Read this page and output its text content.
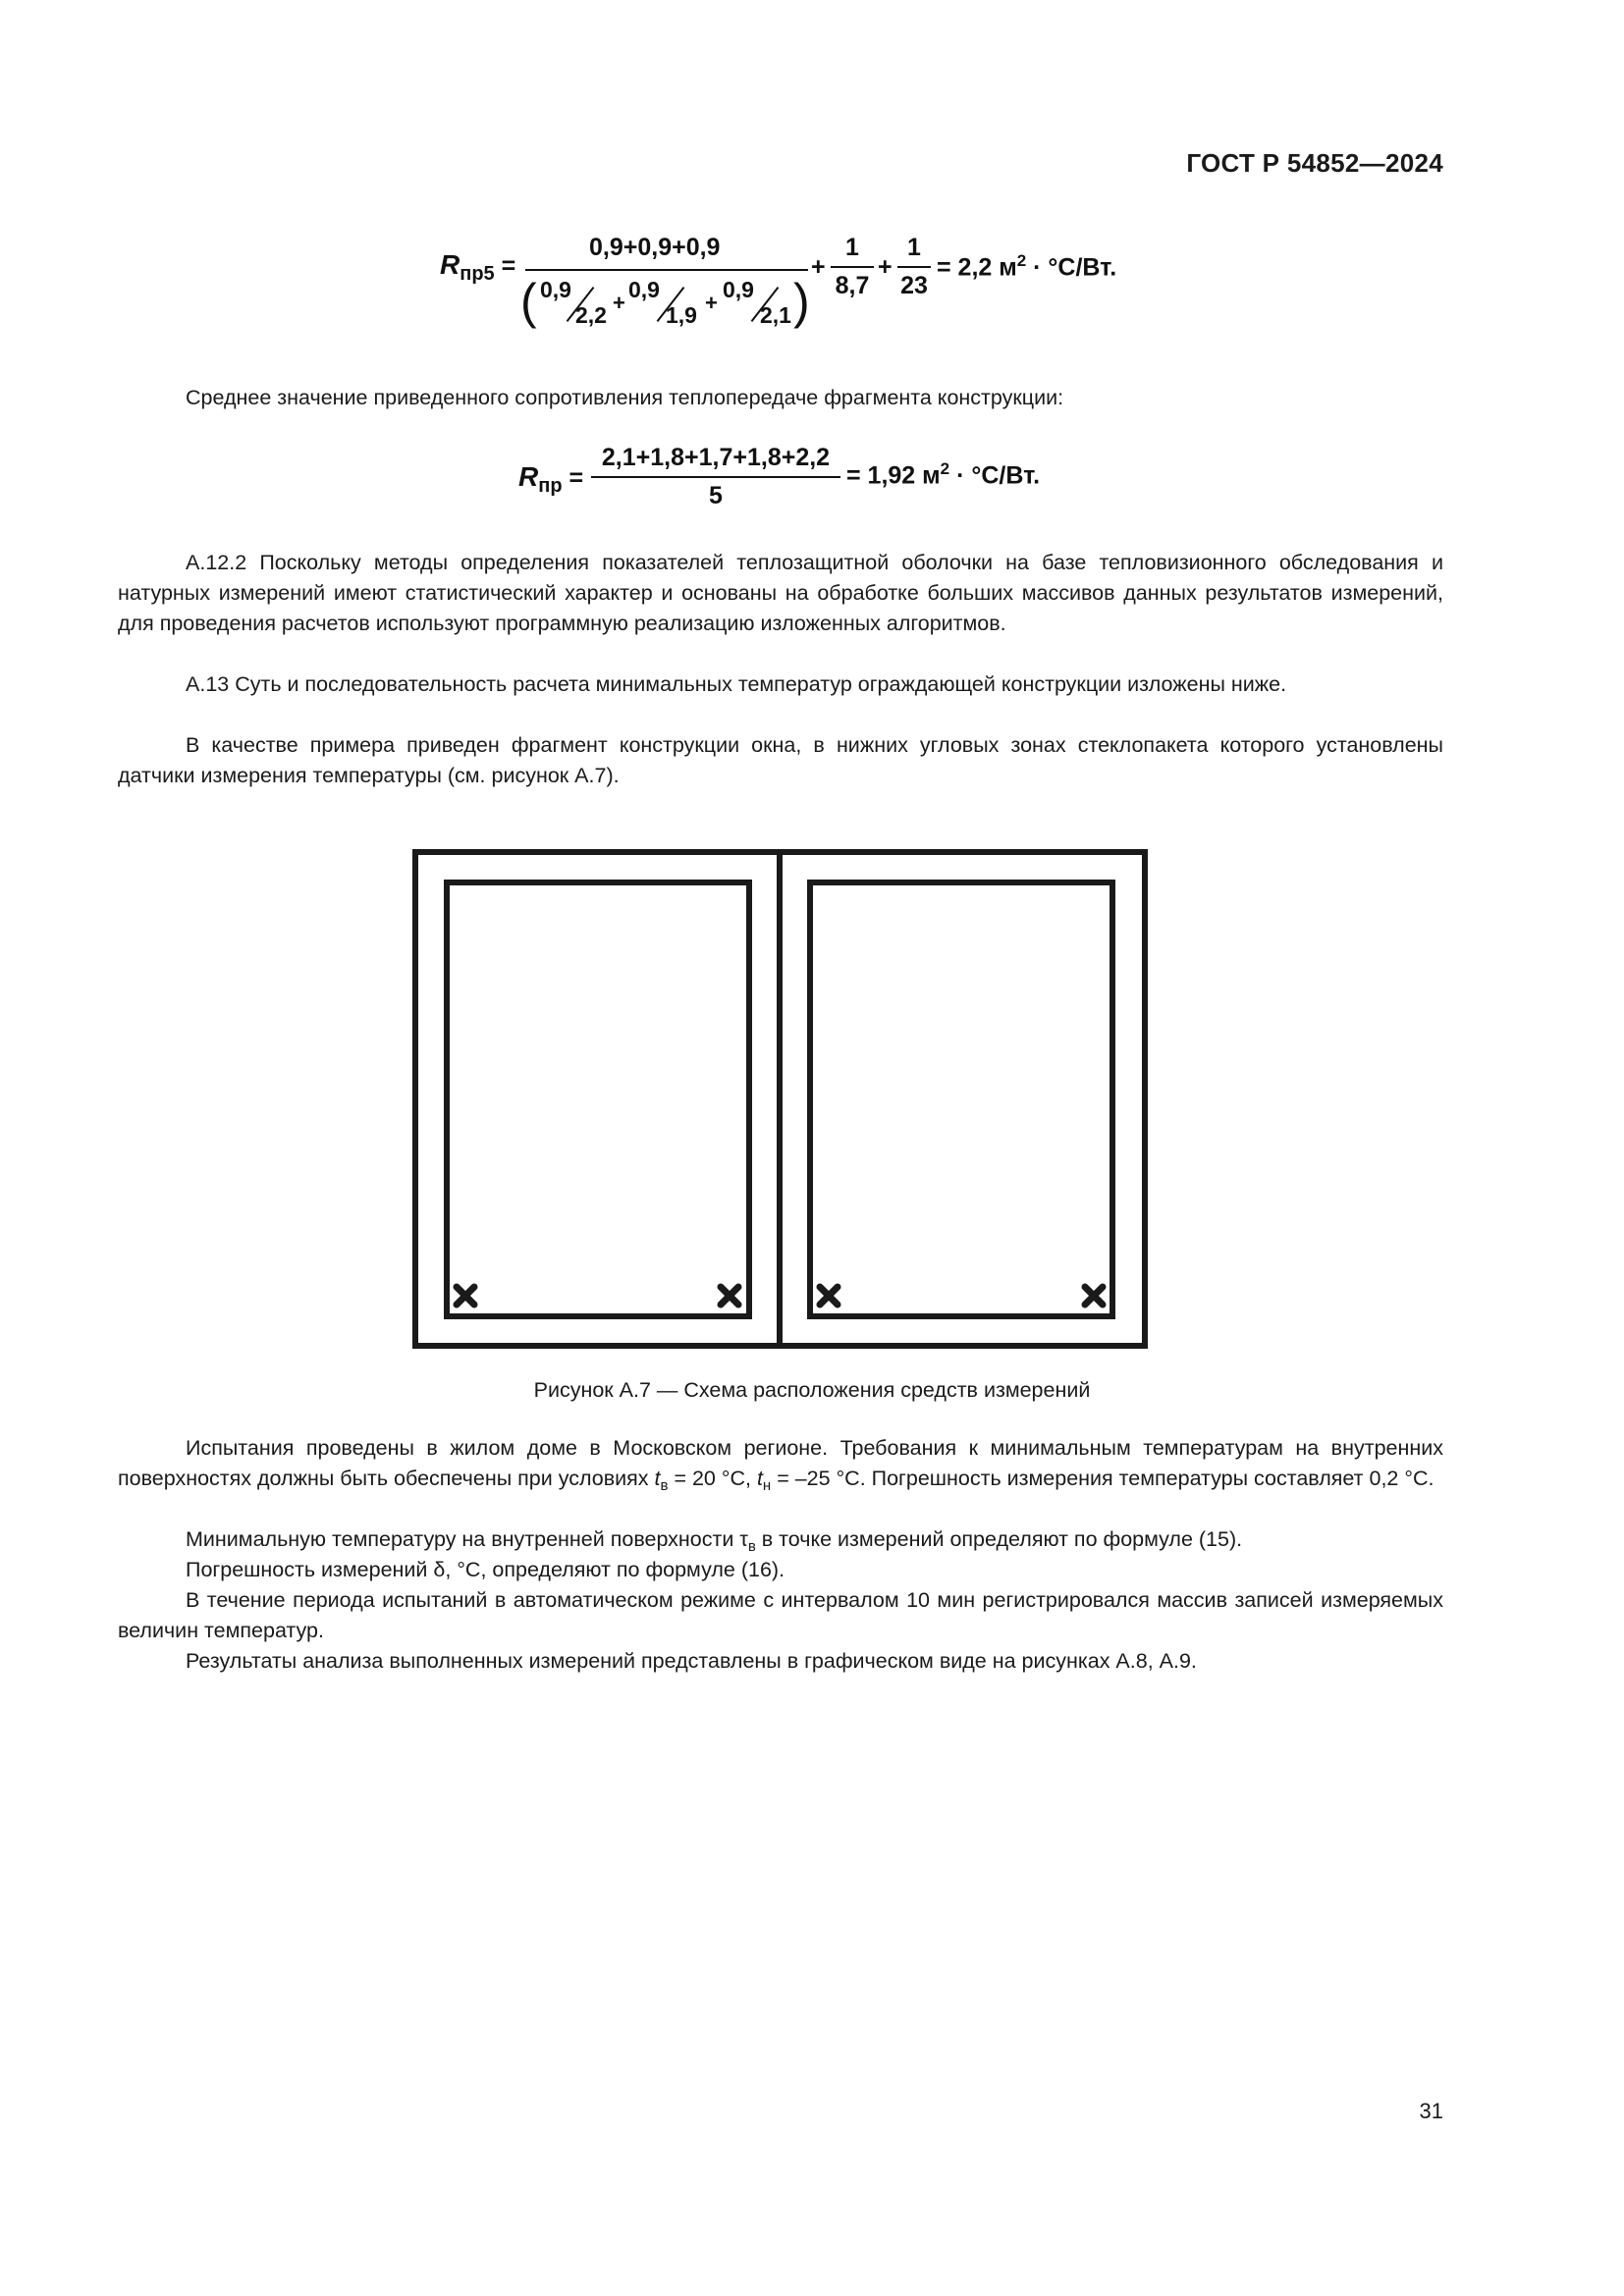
ГОСТ Р 54852—2024
$R_{пр5}$ =
0,9+0,9+0,9
( 0,9
2,2 +
0,9
1,9 +
0,9
2,1 )
+ $\frac{1}{8,7} + \frac{1}{23} = 2,2$ $м^2 \cdot ^\circ C/Вт$.
Среднее значение приведенного сопротивления теплопередаче фрагмента конструкции:
$R_{пр} = \frac{2,1+1,8+1,7+1,8+2,2}{5} = 1,92$ $м^2 \cdot ^\circ C/Вт$.
А.12.2 Поскольку методы определения показателей теплозащитной оболочки на базе тепловизионного обследования и натурных измерений имеют статистический характер и основаны на обработке больших массивов данных результатов измерений, для проведения расчетов используют программную реализацию изложенных алгоритмов.
А.13 Суть и последовательность расчета минимальных температур ограждающей конструкции изложены ниже.
В качестве примера приведен фрагмент конструкции окна, в нижних угловых зонах стеклопакета которого установлены датчики измерения температуры (см. рисунок А.7).
Рисунок А.7 — Схема расположения средств измерений
Испытания проведены в жилом доме в Московском регионе. Требования к минимальным температурам на внутренних поверхностях должны быть обеспечены при условиях $t_в = 20$ °C, $t_н = -25$ °C. Погрешность измерения температуры составляет 0,2 °C.
Минимальную температуру на внутренней поверхности $\tau_в$ в точке измерений определяют по формуле (15).
Погрешность измерений δ, °C, определяют по формуле (16).
В течение периода испытаний в автоматическом режиме с интервалом 10 мин регистрировался массив записей измеряемых величин температур.
Результаты анализа выполненных измерений представлены в графическом виде на рисунках А.8, А.9.
31
